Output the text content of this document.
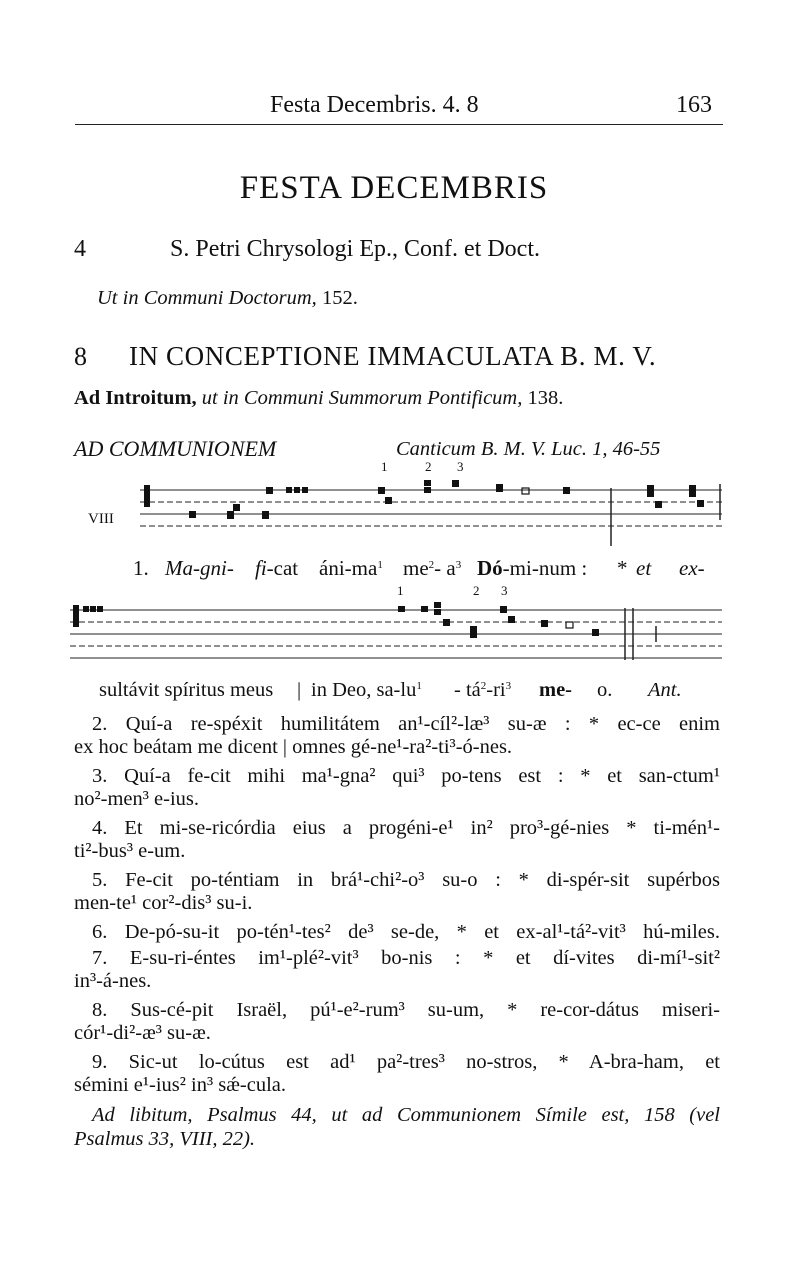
Festa Decembris. 4. 8	163
FESTA DECEMBRIS
4	S. Petri Chrysologi Ep., Conf. et Doct.
Ut in Communi Doctorum, 152.
8 IN CONCEPTIONE IMMACULATA B. M. V.
Ad Introitum, ut in Communi Summorum Pontificum, 138.
AD COMMUNIONEM	Canticum B. M. V. Luc. 1, 46-55
1	2 3
VIII
1. Ma-gni- fi-cat áni-$ma^1$ $me^2-$ $a^3$ Dó-mi-num : * et ex-
1	2 3
sultávit spíritus meus | in Deo, $sa-lu^1$ - $tá^2-ri^3$ me- o. Ant.
2. Quí-a re-spéxit humilitátem an¹-cíl²-læ³ su-æ : * ec-ce enim
ex hoc beátam me dicent | omnes gé-ne¹-ra²-ti³-ó-nes.
3. Quí-a fe-cit mihi ma¹-gna² qui³ po-tens est : * et san-ctum¹
no²-men³ e-ius.
4. Et mi-se-ricórdia eius a progéni-e¹ in² pro³-gé-nies * ti-mén¹-
ti²-bus³ e-um.
5. Fe-cit po-téntiam in brá¹-chi²-o³ su-o : * di-spér-sit supérbos
men-te¹ cor²-dis³ su-i.
6. De-pó-su-it po-tén¹-tes² de³ se-de, * et ex-al¹-tá²-vit³ hú-miles.
7. E-su-ri-éntes im¹-plé²-vit³ bo-nis : * et dí-vites di-mí¹-sit²
in³-á-nes.
8. Sus-cé-pit Israël, pú¹-e²-rum³ su-um, * re-cor-dátus miseri-
cór¹-di²-æ³ su-æ.
9. Sic-ut lo-cútus est ad¹ pa²-tres³ no-stros, * A-bra-ham, et
sémini e¹-ius² in³ sǽ-cula.
Ad libitum, Psalmus 44, ut ad Communionem Símile est, 158 (vel
Psalmus 33, VIII, 22).
